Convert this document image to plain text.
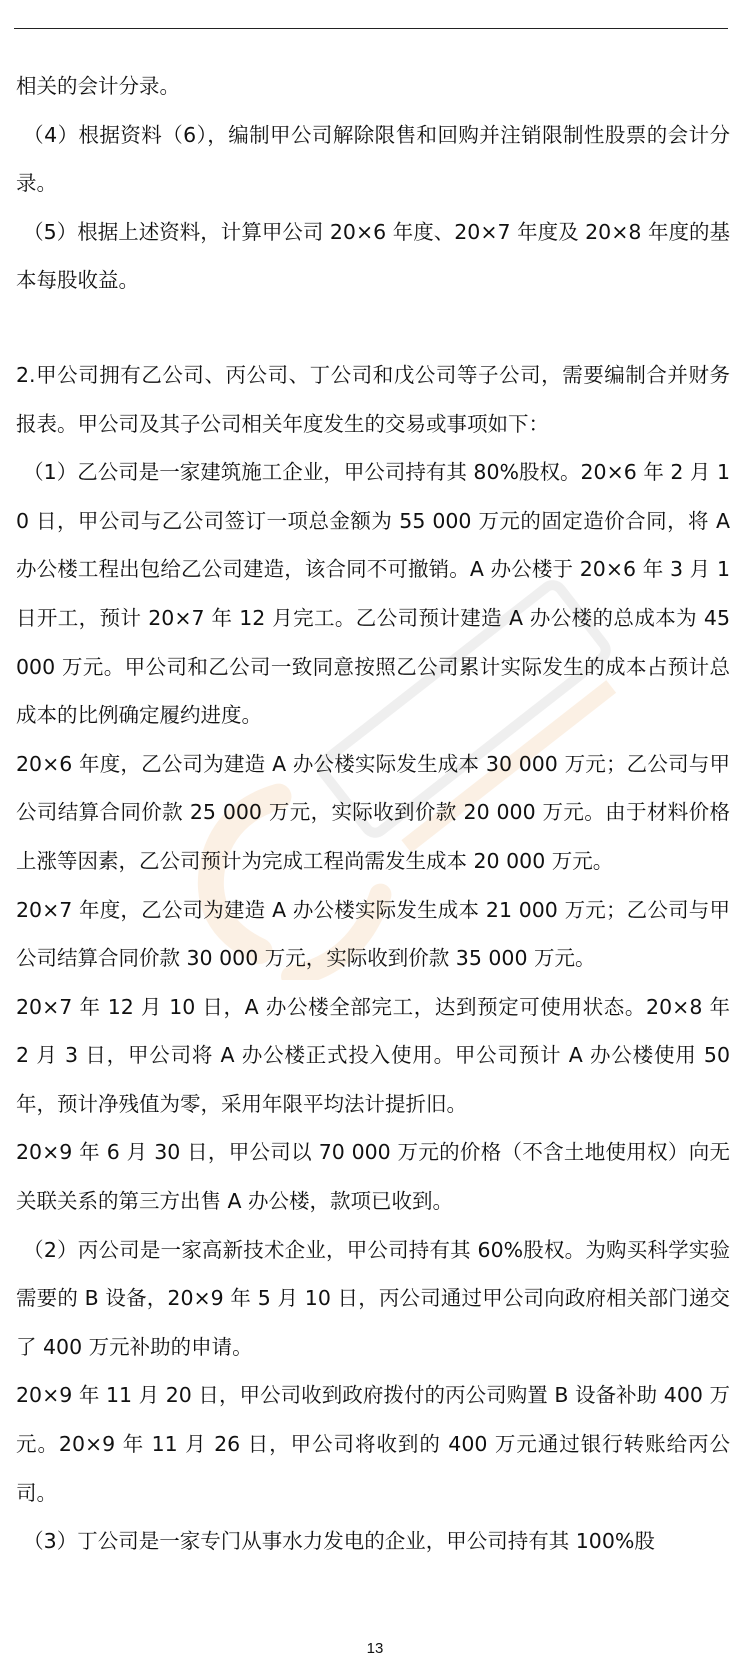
相关的会计分录。

（4）根据资料（6），编制甲公司解除限售和回购并注销限制性股票的会计分录。

（5）根据上述资料，计算甲公司 20×6 年度、20×7 年度及 20×8 年度的基本每股收益。

2.甲公司拥有乙公司、丙公司、丁公司和戊公司等子公司，需要编制合并财务报表。甲公司及其子公司相关年度发生的交易或事项如下：

（1）乙公司是一家建筑施工企业，甲公司持有其 80%股权。20×6 年 2 月 10 日，甲公司与乙公司签订一项总金额为 55 000 万元的固定造价合同，将 A 办公楼工程出包给乙公司建造，该合同不可撤销。A 办公楼于 20×6 年 3 月 1 日开工，预计 20×7 年 12 月完工。乙公司预计建造 A 办公楼的总成本为 45 000 万元。甲公司和乙公司一致同意按照乙公司累计实际发生的成本占预计总成本的比例确定履约进度。

20×6 年度，乙公司为建造 A 办公楼实际发生成本 30 000 万元；乙公司与甲公司结算合同价款 25 000 万元，实际收到价款 20 000 万元。由于材料价格上涨等因素，乙公司预计为完成工程尚需发生成本 20 000 万元。

20×7 年度，乙公司为建造 A 办公楼实际发生成本 21 000 万元；乙公司与甲公司结算合同价款 30 000 万元，实际收到价款 35 000 万元。

20×7 年 12 月 10 日，A 办公楼全部完工，达到预定可使用状态。20×8 年 2 月 3 日，甲公司将 A 办公楼正式投入使用。甲公司预计 A 办公楼使用 50 年，预计净残值为零，采用年限平均法计提折旧。

20×9 年 6 月 30 日，甲公司以 70 000 万元的价格（不含土地使用权）向无关联关系的第三方出售 A 办公楼，款项已收到。

（2）丙公司是一家高新技术企业，甲公司持有其 60%股权。为购买科学实验需要的 B 设备，20×9 年 5 月 10 日，丙公司通过甲公司向政府相关部门递交了 400 万元补助的申请。

20×9 年 11 月 20 日，甲公司收到政府拨付的丙公司购置 B 设备补助 400 万元。20×9 年 11 月 26 日，甲公司将收到的 400 万元通过银行转账给丙公司。

（3）丁公司是一家专门从事水力发电的企业，甲公司持有其 100%股

13
